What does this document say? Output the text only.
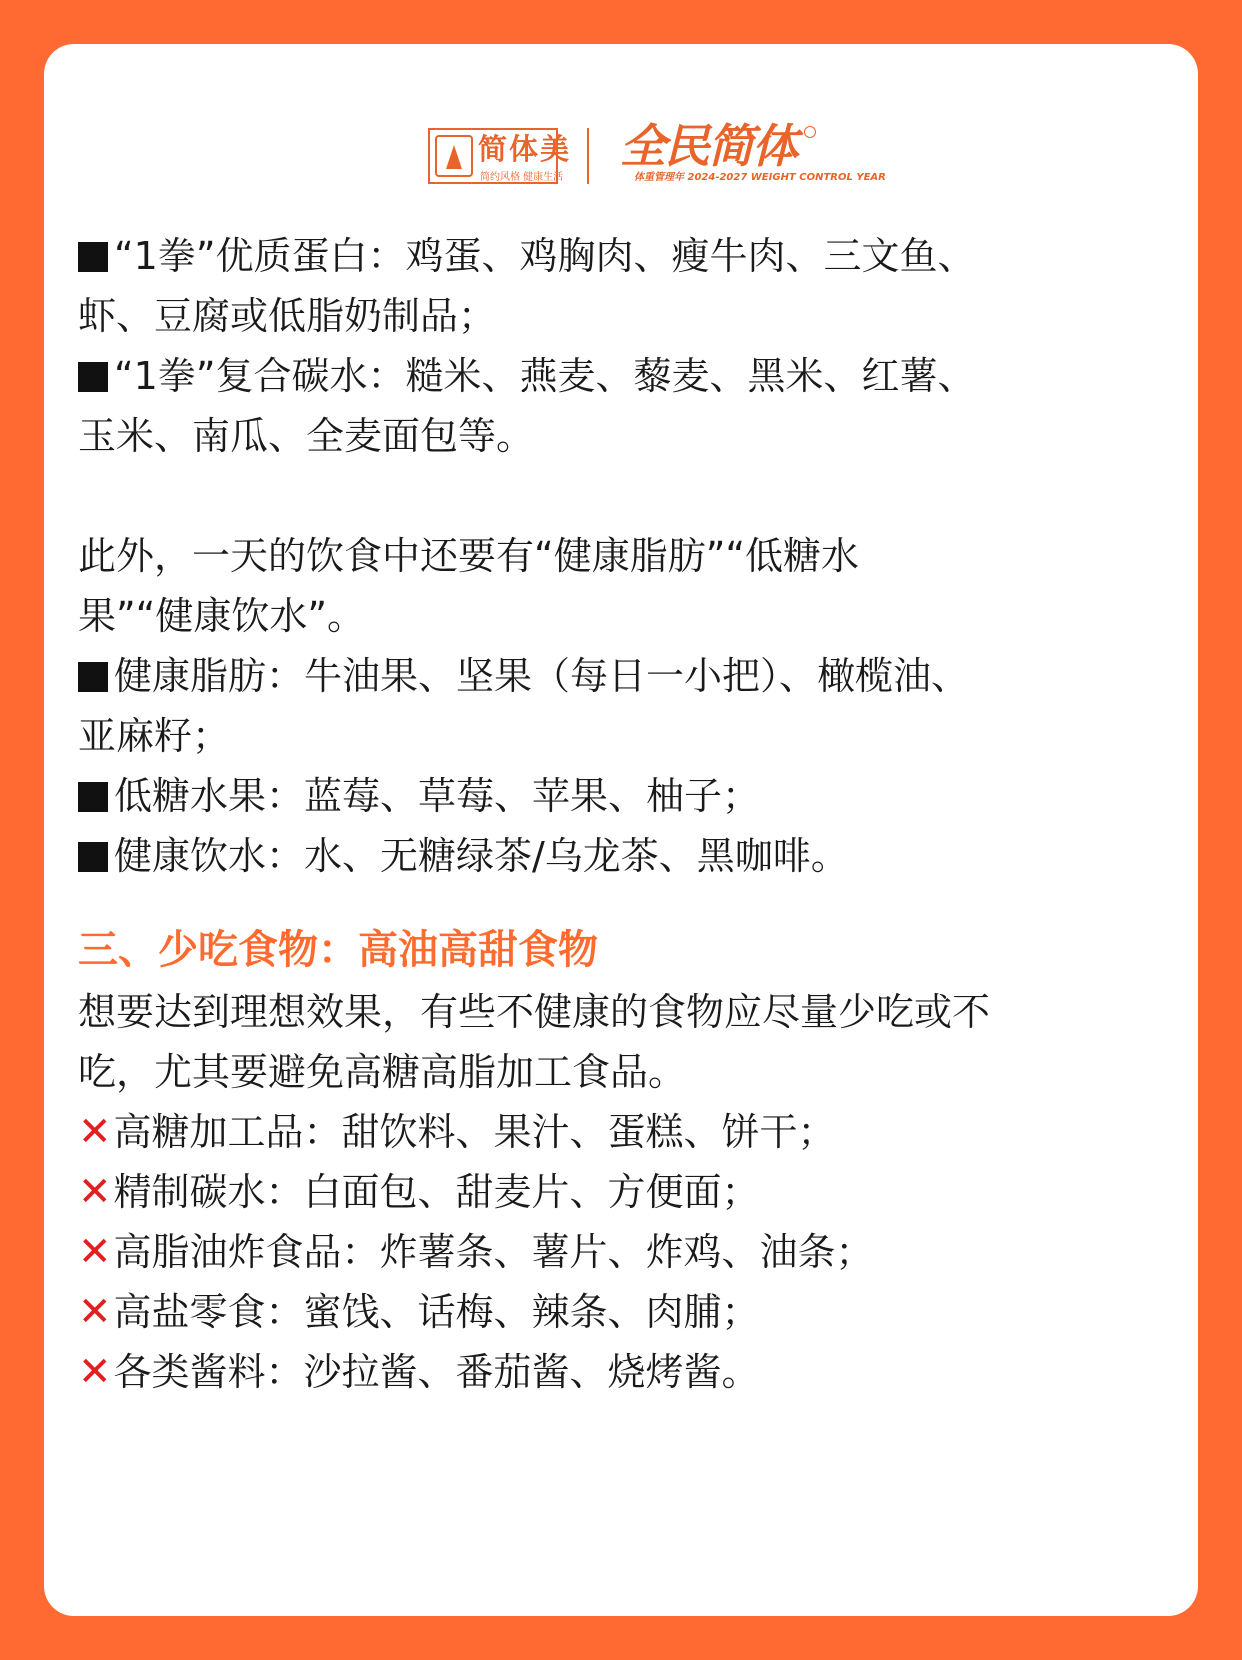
简体美
简约风格 健康生活
全民简体
体重管理年 2024-2027 WEIGHT CONTROL YEAR
“1拳”优质蛋白：鸡蛋、鸡胸肉、瘦牛肉、三文鱼、
虾、豆腐或低脂奶制品；
“1拳”复合碳水：糙米、燕麦、藜麦、黑米、红薯、
玉米、南瓜、全麦面包等。
此外，一天的饮食中还要有“健康脂肪”“低糖水
果”“健康饮水”。
健康脂肪：牛油果、坚果（每日一小把）、橄榄油、
亚麻籽；
低糖水果：蓝莓、草莓、苹果、柚子；
健康饮水：水、无糖绿茶/乌龙茶、黑咖啡。
三、少吃食物：高油高甜食物
想要达到理想效果，有些不健康的食物应尽量少吃或不
吃，尤其要避免高糖高脂加工食品。
✕高糖加工品：甜饮料、果汁、蛋糕、饼干；
✕精制碳水：白面包、甜麦片、方便面；
✕高脂油炸食品：炸薯条、薯片、炸鸡、油条；
✕高盐零食：蜜饯、话梅、辣条、肉脯；
✕各类酱料：沙拉酱、番茄酱、烧烤酱。
